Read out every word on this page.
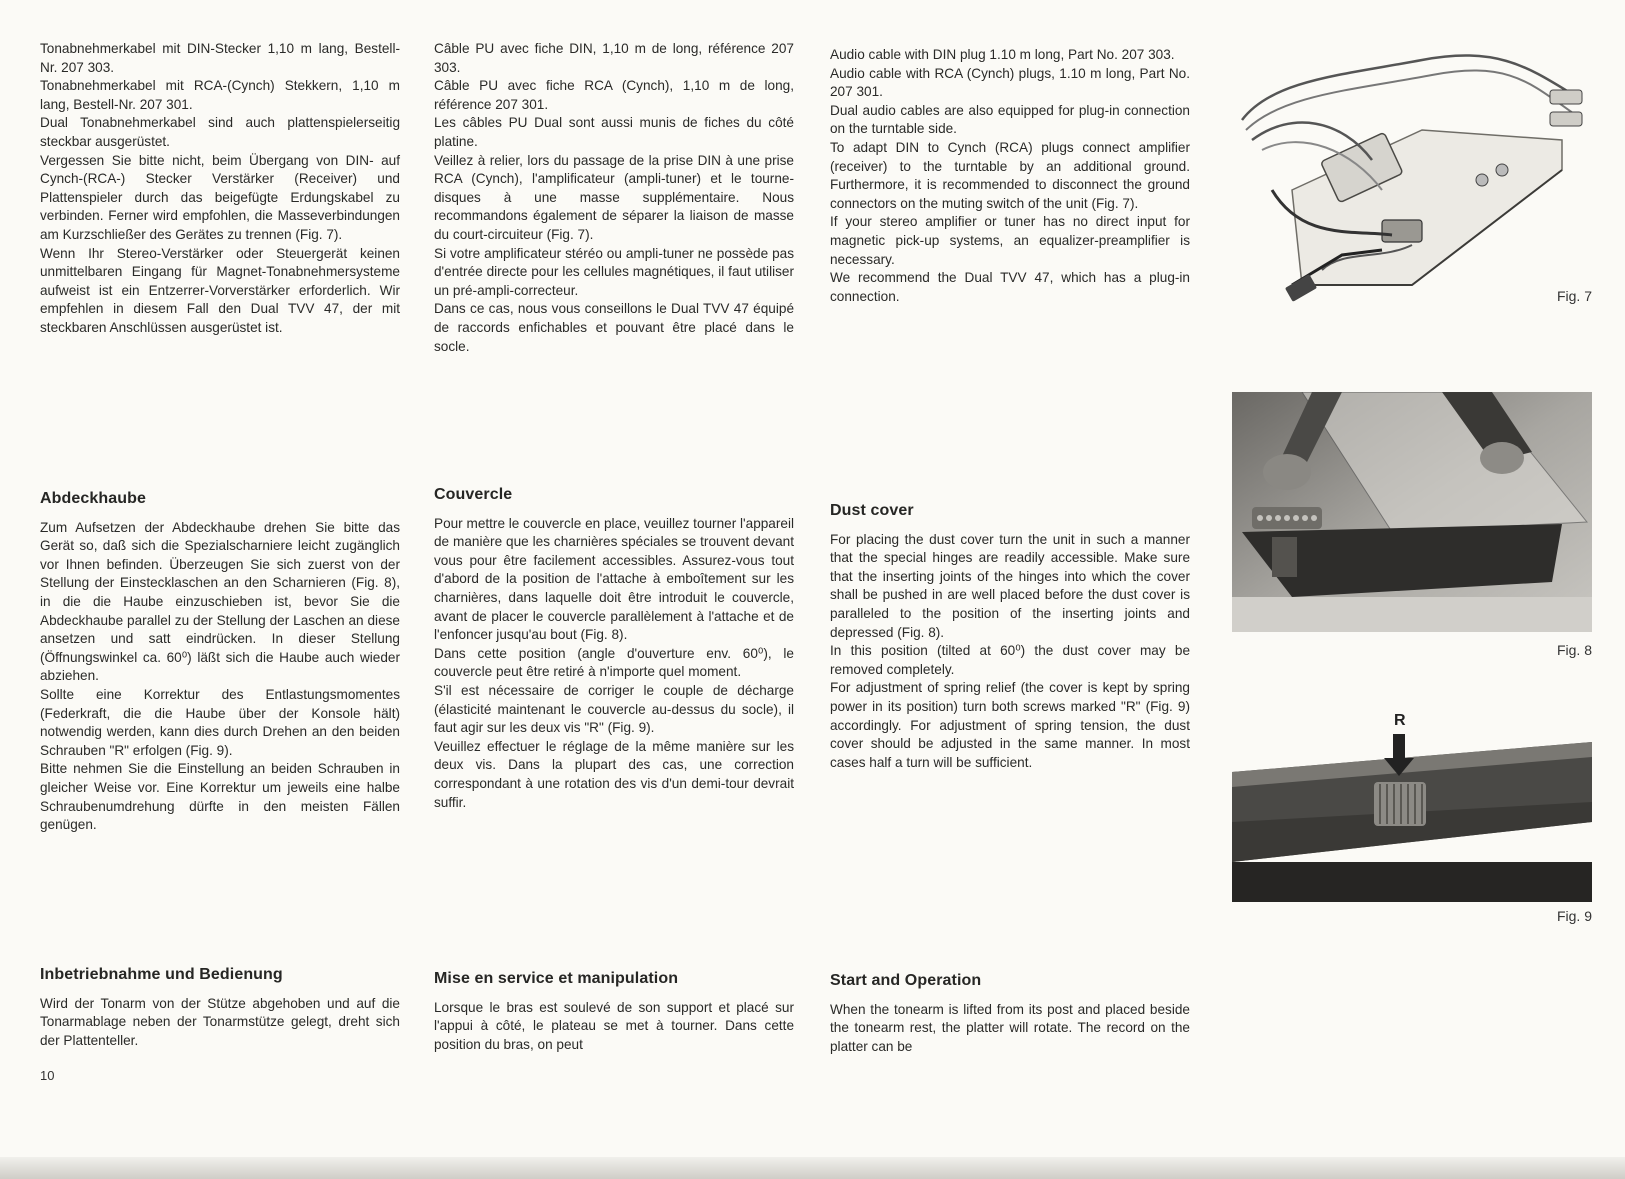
Tonabnehmerkabel mit DIN-Stecker 1,10 m lang, Bestell-Nr. 207 303.

Tonabnehmerkabel mit RCA-(Cynch) Stekkern, 1,10 m lang, Bestell-Nr. 207 301.

Dual Tonabnehmerkabel sind auch plattenspielerseitig steckbar ausgerüstet.

Vergessen Sie bitte nicht, beim Übergang von DIN- auf Cynch-(RCA-) Stecker Verstärker (Receiver) und Plattenspieler durch das beigefügte Erdungskabel zu verbinden. Ferner wird empfohlen, die Masseverbindungen am Kurzschließer des Gerätes zu trennen (Fig. 7).

Wenn Ihr Stereo-Verstärker oder Steuergerät keinen unmittelbaren Eingang für Magnet-Tonabnehmersysteme aufweist ist ein Entzerrer-Vorverstärker erforderlich. Wir empfehlen in diesem Fall den Dual TVV 47, der mit steckbaren Anschlüssen ausgerüstet ist.

Abdeckhaube

Zum Aufsetzen der Abdeckhaube drehen Sie bitte das Gerät so, daß sich die Spezialscharniere leicht zugänglich vor Ihnen befinden. Überzeugen Sie sich zuerst von der Stellung der Einstecklaschen an den Scharnieren (Fig. 8), in die die Haube einzuschieben ist, bevor Sie die Abdeckhaube parallel zu der Stellung der Laschen an diese ansetzen und satt eindrücken. In dieser Stellung (Öffnungswinkel ca. 60⁰) läßt sich die Haube auch wieder abziehen.

Sollte eine Korrektur des Entlastungsmomentes (Federkraft, die die Haube über der Konsole hält) notwendig werden, kann dies durch Drehen an den beiden Schrauben "R" erfolgen (Fig. 9).

Bitte nehmen Sie die Einstellung an beiden Schrauben in gleicher Weise vor. Eine Korrektur um jeweils eine halbe Schraubenumdrehung dürfte in den meisten Fällen genügen.

Inbetriebnahme und Bedienung

Wird der Tonarm von der Stütze abgehoben und auf die Tonarmablage neben der Tonarmstütze gelegt, dreht sich der Plattenteller.

Câble PU avec fiche DIN, 1,10 m de long, référence 207 303.

Câble PU avec fiche RCA (Cynch), 1,10 m de long, référence 207 301.

Les câbles PU Dual sont aussi munis de fiches du côté platine.

Veillez à relier, lors du passage de la prise DIN à une prise RCA (Cynch), l'amplificateur (ampli-tuner) et le tourne-disques à une masse supplémentaire. Nous recommandons également de séparer la liaison de masse du court-circuiteur (Fig. 7).

Si votre amplificateur stéréo ou ampli-tuner ne possède pas d'entrée directe pour les cellules magnétiques, il faut utiliser un pré-ampli-correcteur.

Dans ce cas, nous vous conseillons le Dual TVV 47 équipé de raccords enfichables et pouvant être placé dans le socle.

Couvercle

Pour mettre le couvercle en place, veuillez tourner l'appareil de manière que les charnières spéciales se trouvent devant vous pour être facilement accessibles. Assurez-vous tout d'abord de la position de l'attache à emboîtement sur les charnières, dans laquelle doit être introduit le couvercle, avant de placer le couvercle parallèlement à l'attache et de l'enfoncer jusqu'au bout (Fig. 8).

Dans cette position (angle d'ouverture env. 60⁰), le couvercle peut être retiré à n'importe quel moment.

S'il est nécessaire de corriger le couple de décharge (élasticité maintenant le couvercle au-dessus du socle), il faut agir sur les deux vis "R" (Fig. 9).

Veuillez effectuer le réglage de la même manière sur les deux vis. Dans la plupart des cas, une correction correspondant à une rotation des vis d'un demi-tour devrait suffir.

Mise en service et manipulation

Lorsque le bras est soulevé de son support et placé sur l'appui à côté, le plateau se met à tourner. Dans cette position du bras, on peut

Audio cable with DIN plug 1.10 m long, Part No. 207 303.

Audio cable with RCA (Cynch) plugs, 1.10 m long, Part No. 207 301.

Dual audio cables are also equipped for plug-in connection on the turntable side.

To adapt DIN to Cynch (RCA) plugs connect amplifier (receiver) to the turntable by an additional ground. Furthermore, it is recommended to disconnect the ground connectors on the muting switch of the unit (Fig. 7).

If your stereo amplifier or tuner has no direct input for magnetic pick-up systems, an equalizer-preamplifier is necessary.

We recommend the Dual TVV 47, which has a plug-in connection.

Dust cover

For placing the dust cover turn the unit in such a manner that the special hinges are readily accessible. Make sure that the inserting joints of the hinges into which the cover shall be pushed in are well placed before the dust cover is paralleled to the position of the inserting joints and depressed (Fig. 8).

In this position (tilted at 60⁰) the dust cover may be removed completely.

For adjustment of spring relief (the cover is kept by spring power in its position) turn both screws marked "R" (Fig. 9) accordingly. For adjustment of spring tension, the dust cover should be adjusted in the same manner. In most cases half a turn will be sufficient.

Start and Operation

When the tonearm is lifted from its post and placed beside the tonearm rest, the platter will rotate. The record on the platter can be

10
Fig. 7
Fig. 8
R
Fig. 9
